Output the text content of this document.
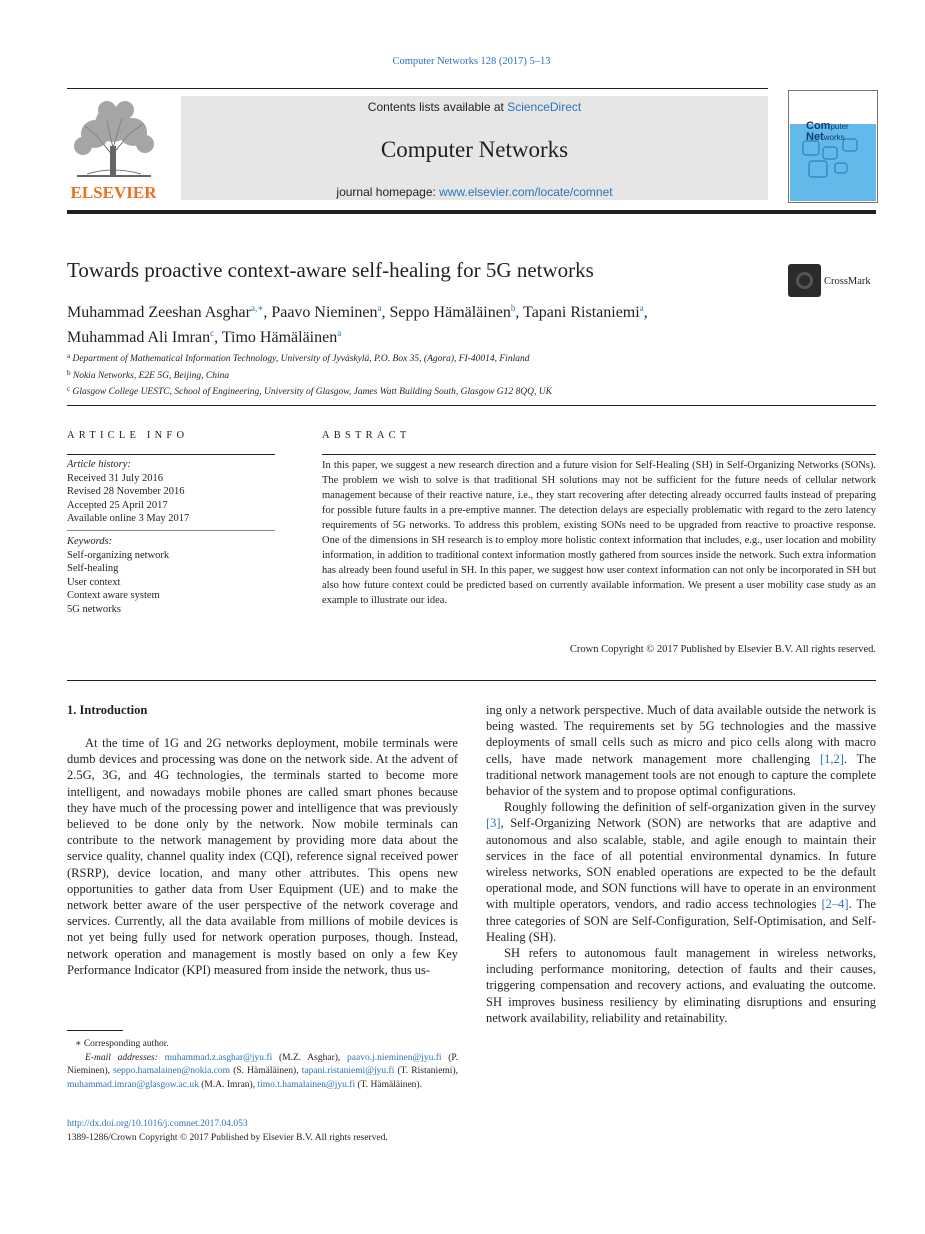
Computer Networks 128 (2017) 5–13
ELSEVIER
Contents lists available at ScienceDirect
Computer Networks
journal homepage: www.elsevier.com/locate/comnet
Computer
Networks
Towards proactive context-aware self-healing for 5G networks	CrossMark
Muhammad Zeeshan Asghar$^{a,∗}$, Paavo Nieminen$^a$, Seppo Hämäläinen$^b$, Tapani Ristaniemi$^a$,
Muhammad Ali Imran$^c$, Timo Hämäläinen$^a$
$^a$ Department of Mathematical Information Technology, University of Jyväskylä, P.O. Box 35, (Agora), FI-40014, Finland
$^b$ Nokia Networks, E2E 5G, Beijing, China
$^c$ Glasgow College UESTC, School of Engineering, University of Glasgow, James Watt Building South, Glasgow G12 8QQ, UK
ARTICLE INFO
Article history:
Received 31 July 2016
Revised 28 November 2016
Accepted 25 April 2017
Available online 3 May 2017
Keywords:
Self-organizing network
Self-healing
User context
Context aware system
5G networks
ABSTRACT
In this paper, we suggest a new research direction and a future vision for Self-Healing (SH) in Self-Organizing Networks (SONs). The problem we wish to solve is that traditional SH solutions may not be sufficient for the future needs of cellular network management because of their reactive nature, i.e., they start recovering after detecting already occurred faults instead of preparing for possible future faults in a pre-emptive manner. The detection delays are especially problematic with regard to the zero latency requirements of 5G networks. To address this problem, existing SONs need to be upgraded from reactive to proactive response. One of the dimensions in SH research is to employ more holistic context information that includes, e.g., user location and mobility information, in addition to traditional context information mostly gathered from sources inside the network. Such extra information has already been found useful in SH. In this paper, we suggest how user context information can not only be incorporated in SH but also how future context could be predicted based on currently available information. We present a user mobility case study as an example to illustrate our idea.
Crown Copyright © 2017 Published by Elsevier B.V. All rights reserved.
1. Introduction

At the time of 1G and 2G networks deployment, mobile terminals were dumb devices and processing was done on the network side. At the advent of 2.5G, 3G, and 4G technologies, the terminals started to become more intelligent, and nowadays mobile phones are called smart phones because they have much of the processing power and intelligence that was previously believed to be done only by the network. Now mobile terminals can contribute to the network management by providing more data about the service quality, channel quality index (CQI), reference signal received power (RSRP), device location, and many other attributes. This opens new opportunities to gather data from User Equipment (UE) and to make the network better aware of the user perspective of the network coverage and services. Currently, all the data available from millions of mobile devices is not yet being fully used for network operation purposes, though. Instead, network operation and management is mostly based on only a few Key Performance Indicator (KPI) measured from inside the network, thus us-

ing only a network perspective. Much of data available outside the network is being wasted. The requirements set by 5G technologies and the massive deployments of small cells such as micro and pico cells along with macro cells, have made network management more challenging [1,2]. The traditional network management tools are not enough to capture the complete behavior of the system and to propose optimal configurations.

Roughly following the definition of self-organization given in the survey [3], Self-Organizing Network (SON) are networks that are adaptive and autonomous and also scalable, stable, and agile enough to maintain their services in the face of all potential environmental dynamics. In future wireless networks, SON enabled operations are expected to be the default operational mode, and SON functions will have to operate in an environment with multiple operators, vendors, and radio access technologies [2–4]. The three categories of SON are Self-Configuration, Self-Optimisation, and Self-Healing (SH).

SH refers to autonomous fault management in wireless networks, including performance monitoring, detection of faults and their causes, triggering compensation and recovery actions, and evaluating the outcome. SH improves business resiliency by eliminating disruptions and ensuring network availability, reliability and retainability.

∗ Corresponding author.
E-mail addresses: muhammad.z.asghar@jyu.fi (M.Z. Asghar), paavo.j.nieminen@jyu.fi (P. Nieminen), seppo.hamalainen@nokia.com (S. Hämäläinen), tapani.ristaniemi@jyu.fi (T. Ristaniemi), muhammad.imran@glasgow.ac.uk (M.A. Imran), timo.t.hamalainen@jyu.fi (T. Hämäläinen).
http://dx.doi.org/10.1016/j.comnet.2017.04.053
1389-1286/Crown Copyright © 2017 Published by Elsevier B.V. All rights reserved.
